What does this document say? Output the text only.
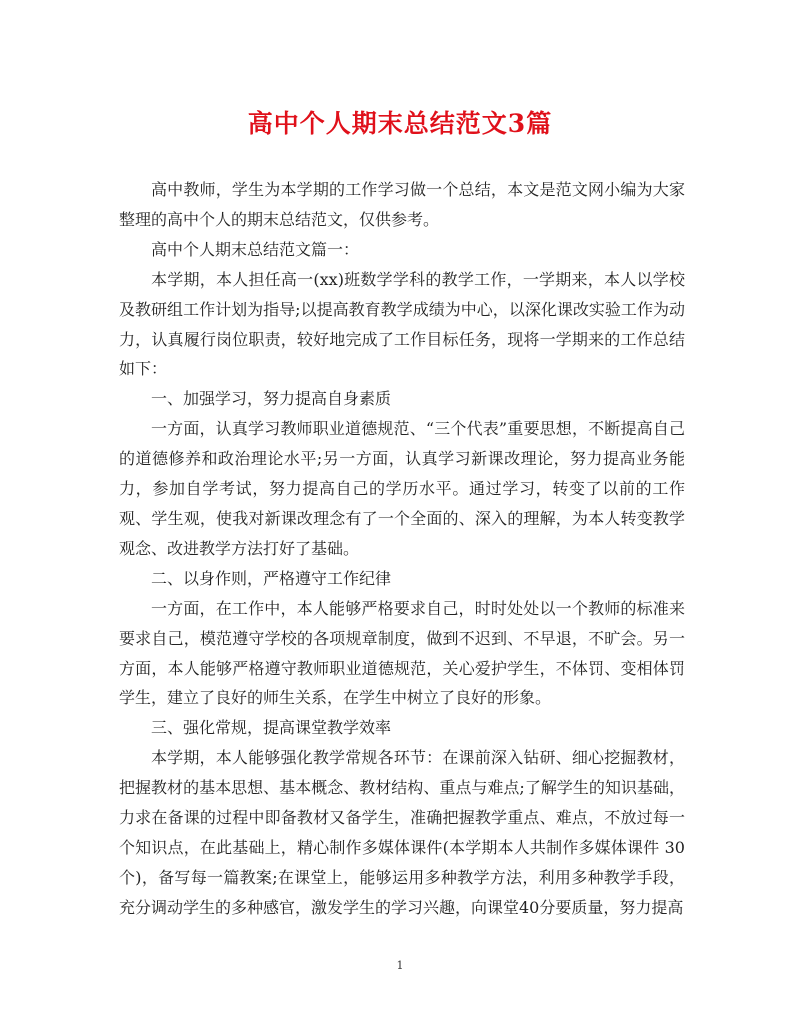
高中个人期末总结范文3篇

高中教师，学生为本学期的工作学习做一个总结，本文是范文网小编为大家整理的高中个人的期末总结范文，仅供参考。

高中个人期末总结范文篇一：

本学期，本人担任高一(xx)班数学学科的教学工作，一学期来，本人以学校及教研组工作计划为指导;以提高教育教学成绩为中心，以深化课改实验工作为动力，认真履行岗位职责，较好地完成了工作目标任务，现将一学期来的工作总结如下：

一、加强学习，努力提高自身素质

一方面，认真学习教师职业道德规范、“三个代表”重要思想，不断提高自己的道德修养和政治理论水平;另一方面，认真学习新课改理论，努力提高业务能力，参加自学考试，努力提高自己的学历水平。通过学习，转变了以前的工作观、学生观，使我对新课改理念有了一个全面的、深入的理解，为本人转变教学观念、改进教学方法打好了基础。

二、以身作则，严格遵守工作纪律

一方面，在工作中，本人能够严格要求自己，时时处处以一个教师的标准来要求自己，模范遵守学校的各项规章制度，做到不迟到、不早退，不旷会。另一方面，本人能够严格遵守教师职业道德规范，关心爱护学生，不体罚、变相体罚学生，建立了良好的师生关系，在学生中树立了良好的形象。

三、强化常规，提高课堂教学效率

本学期，本人能够强化教学常规各环节：在课前深入钻研、细心挖掘教材，把握教材的基本思想、基本概念、教材结构、重点与难点;了解学生的知识基础，力求在备课的过程中即备教材又备学生，准确把握教学重点、难点，不放过每一个知识点，在此基础上，精心制作多媒体课件(本学期本人共制作多媒体课件 30个)，备写每一篇教案;在课堂上，能够运用多种教学方法，利用多种教学手段，充分调动学生的多种感官，激发学生的学习兴趣，向课堂40分要质量，努力提高

1
